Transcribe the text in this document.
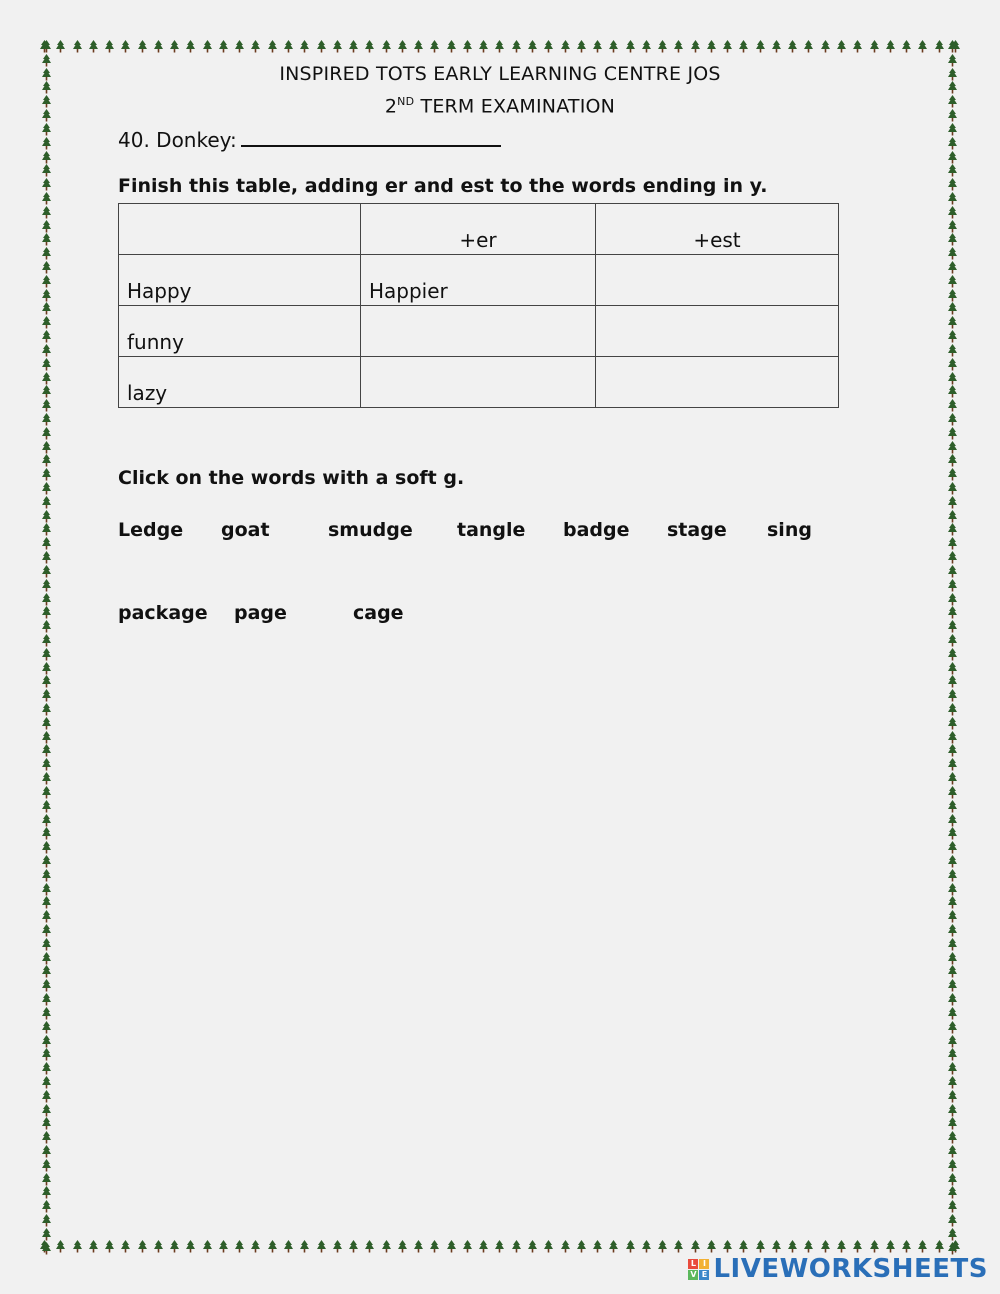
INSPIRED TOTS EARLY LEARNING CENTRE JOS
2ND TERM EXAMINATION
40. Donkey:
Finish this table, adding er and est to the words ending in y.
	+er	+est
Happy	Happier	
funny		
lazy		
Click on the words with a soft g.
Ledge goat	smudge tangle badge stage sing
package page	cage
L I
V E LIVEWORKSHEETS
